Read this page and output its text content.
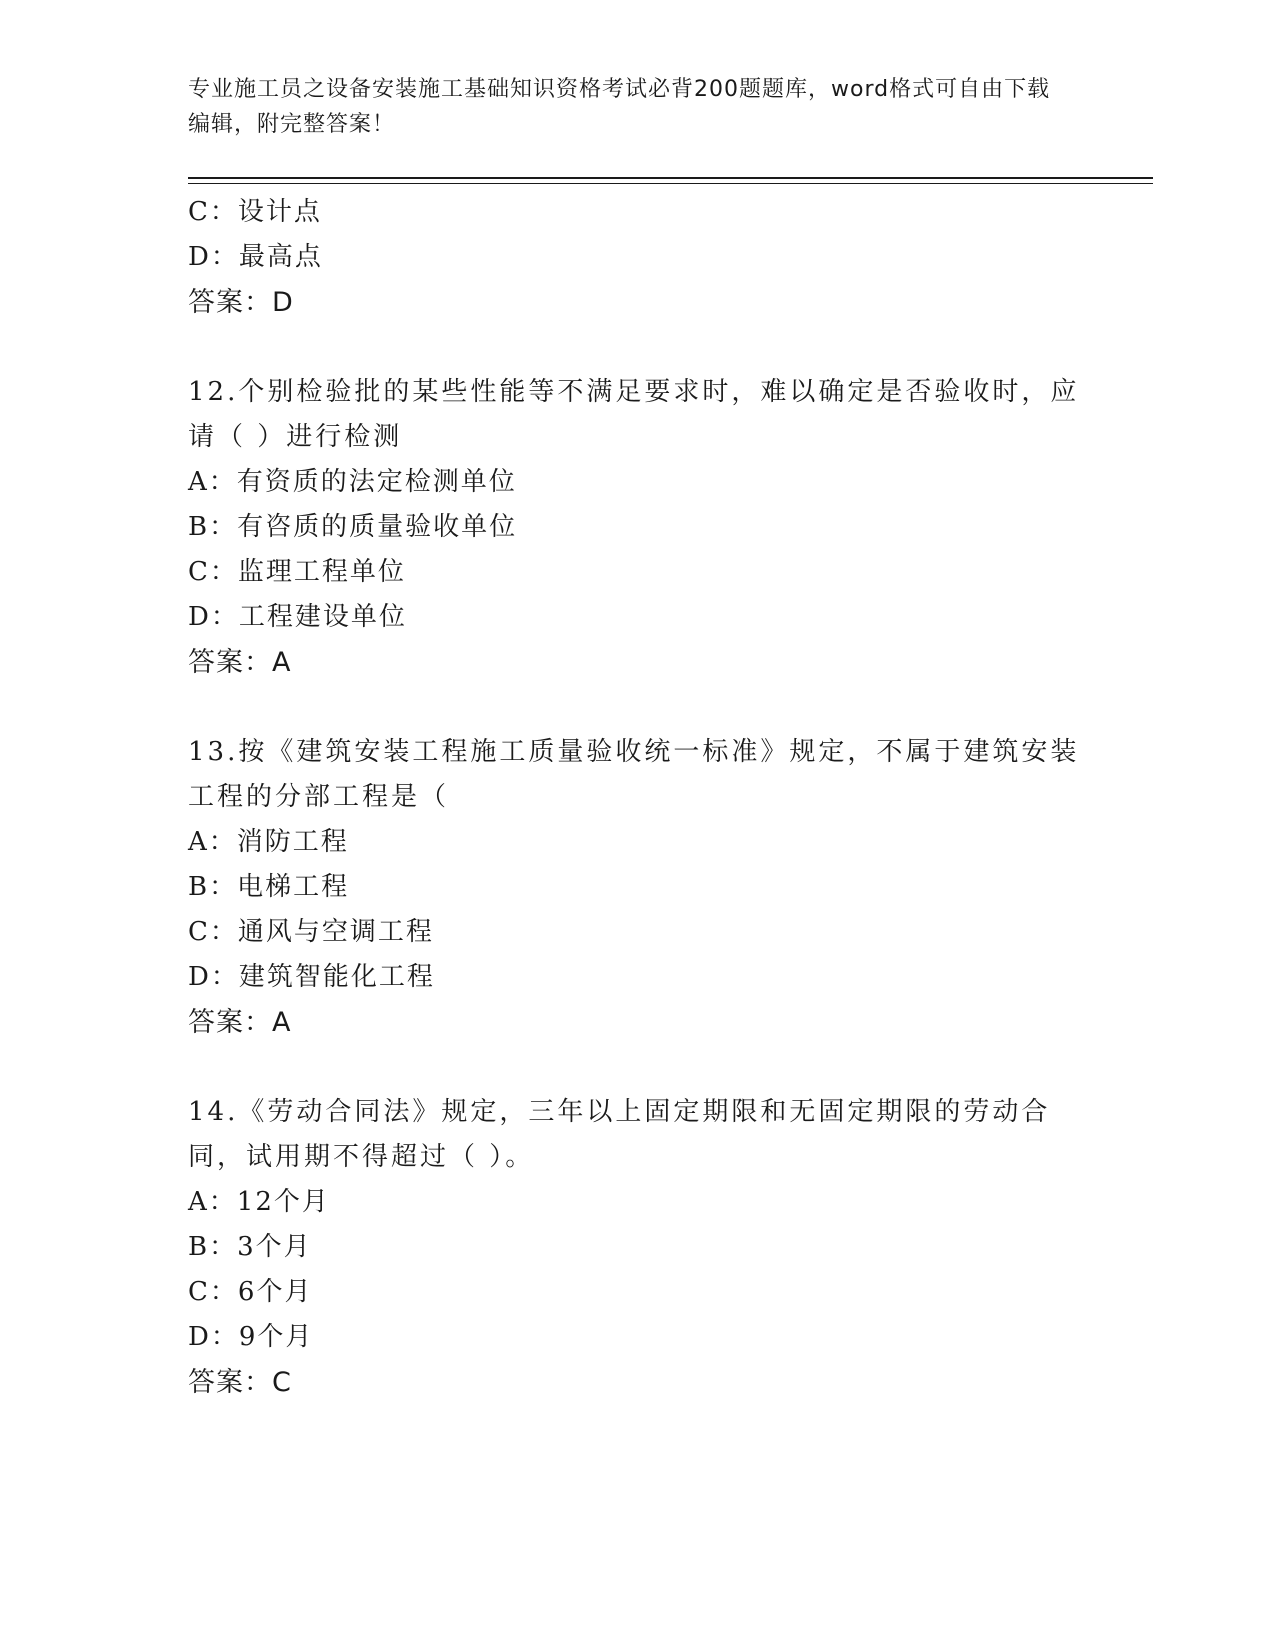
专业施工员之设备安装施工基础知识资格考试必背200题题库，word格式可自由下载编辑，附完整答案！
C：设计点
D：最高点
答案：D
12.个别检验批的某些性能等不满足要求时，难以确定是否验收时，应请（ ）进行检测
A：有资质的法定检测单位
B：有咨质的质量验收单位
C：监理工程单位
D：工程建设单位
答案：A
13.按《建筑安装工程施工质量验收统一标准》规定，不属于建筑安装工程的分部工程是（
A：消防工程
B：电梯工程
C：通风与空调工程
D：建筑智能化工程
答案：A
14.《劳动合同法》规定，三年以上固定期限和无固定期限的劳动合同，试用期不得超过（ ）。
A：12个月
B：3个月
C：6个月
D：9个月
答案：C
